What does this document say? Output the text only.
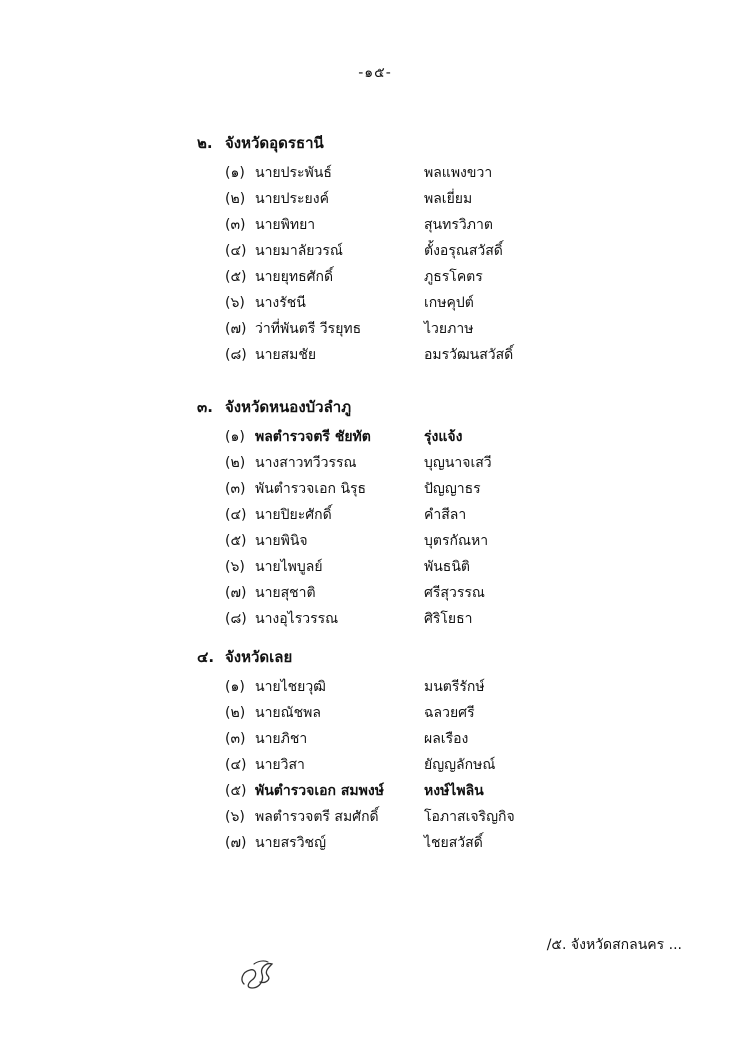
-๑๕-
๒. จังหวัดอุดรธานี
(๑) นายประพันธ์	พลแพงขวา
(๒) นายประยงค์	พลเยี่ยม
(๓) นายพิทยา	สุนทรวิภาต
(๔) นายมาลัยวรณ์	ตั้งอรุณสวัสดิ์
(๕) นายยุทธศักดิ์	ภูธรโคตร
(๖) นางรัชนี	เกษคุปต์
(๗) ว่าที่พันตรี วีรยุทธ	ไวยภาษ
(๘) นายสมชัย	อมรวัฒนสวัสดิ์
๓. จังหวัดหนองบัวลำภู
(๑) พลตำรวจตรี ชัยทัต	รุ่งแจ้ง
(๒) นางสาวทวีวรรณ	บุญนาจเสวี
(๓) พันตำรวจเอก นิรุธ	ปัญญาธร
(๔) นายปิยะศักดิ์	คำสีลา
(๕) นายพินิจ	บุตรกัณหา
(๖) นายไพบูลย์	พันธนิติ
(๗) นายสุชาติ	ศรีสุวรรณ
(๘) นางอุไรวรรณ	ศิริโยธา
๔. จังหวัดเลย
(๑) นายไชยวุฒิ	มนตรีรักษ์
(๒) นายณัชพล	ฉลวยศรี
(๓) นายภิชา	ผลเรือง
(๔) นายวิสา	ยัญญลักษณ์
(๕) พันตำรวจเอก สมพงษ์	หงษ์ไพลิน
(๖) พลตำรวจตรี สมศักดิ์	โอภาสเจริญกิจ
(๗) นายสรวิชญ์	ไชยสวัสดิ์
/๕. จังหวัดสกลนคร ...
